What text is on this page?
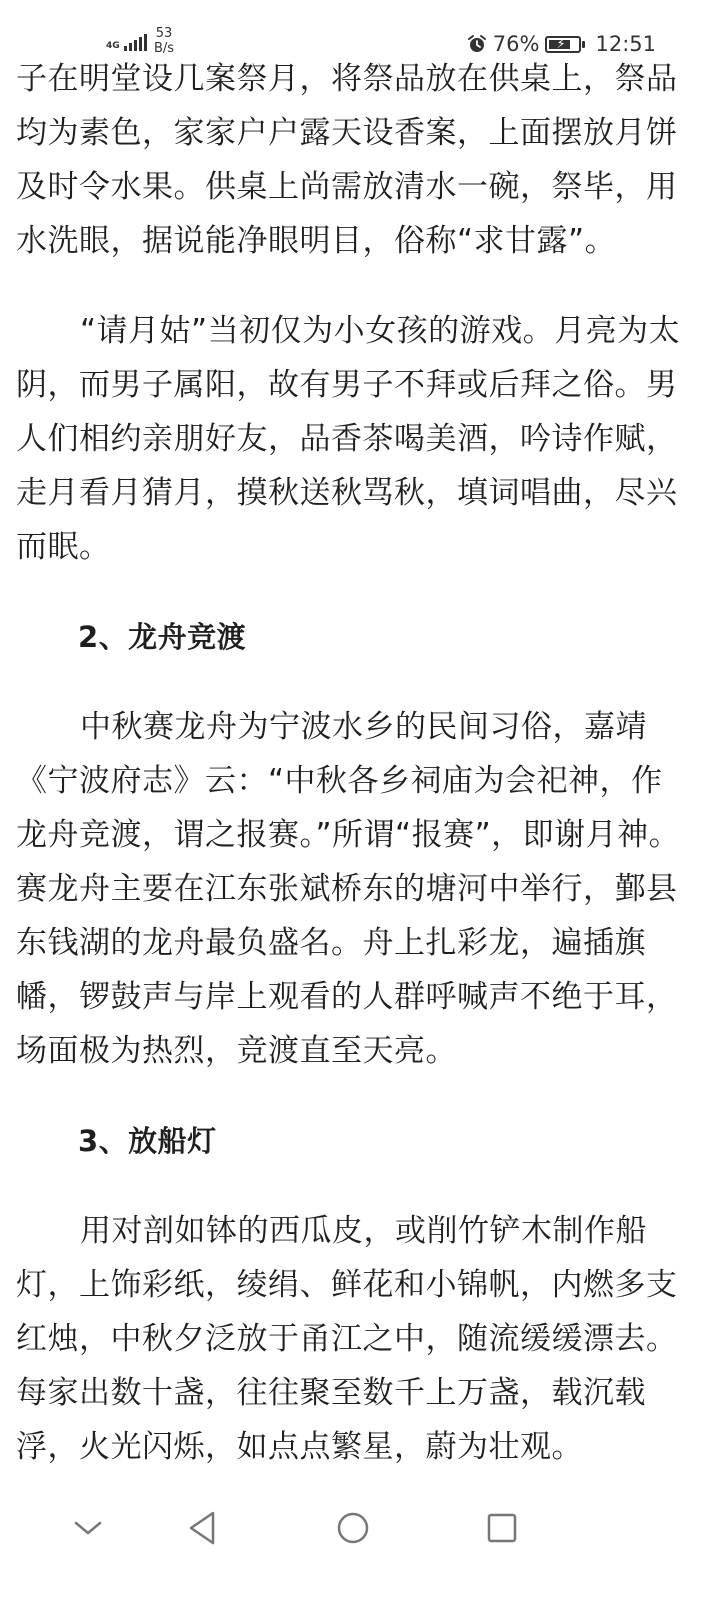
4G
53
B/s	76% ⚡ 12:51

子在明堂设几案祭月，将祭品放在供桌上，祭品均为素色，家家户户露天设香案，上面摆放月饼及时令水果。供桌上尚需放清水一碗，祭毕，用水洗眼，据说能净眼明目，俗称“求甘露”。

“请月姑”当初仅为小女孩的游戏。月亮为太阴，而男子属阳，故有男子不拜或后拜之俗。男人们相约亲朋好友，品香茶喝美酒，吟诗作赋，走月看月猜月，摸秋送秋骂秋，填词唱曲，尽兴而眠。

2、龙舟竞渡

中秋赛龙舟为宁波水乡的民间习俗，嘉靖《宁波府志》云：“中秋各乡祠庙为会祀神，作龙舟竞渡，谓之报赛。”所谓“报赛”，即谢月神。赛龙舟主要在江东张斌桥东的塘河中举行，鄞县东钱湖的龙舟最负盛名。舟上扎彩龙，遍插旗幡，锣鼓声与岸上观看的人群呼喊声不绝于耳，场面极为热烈，竞渡直至天亮。

3、放船灯

用对剖如钵的西瓜皮，或削竹铲木制作船灯，上饰彩纸，绫绢、鲜花和小锦帆，内燃多支红烛，中秋夕泛放于甬江之中，随流缓缓漂去。每家出数十盏，往往聚至数千上万盏，载沉载浮，火光闪烁，如点点繁星，蔚为壮观。
